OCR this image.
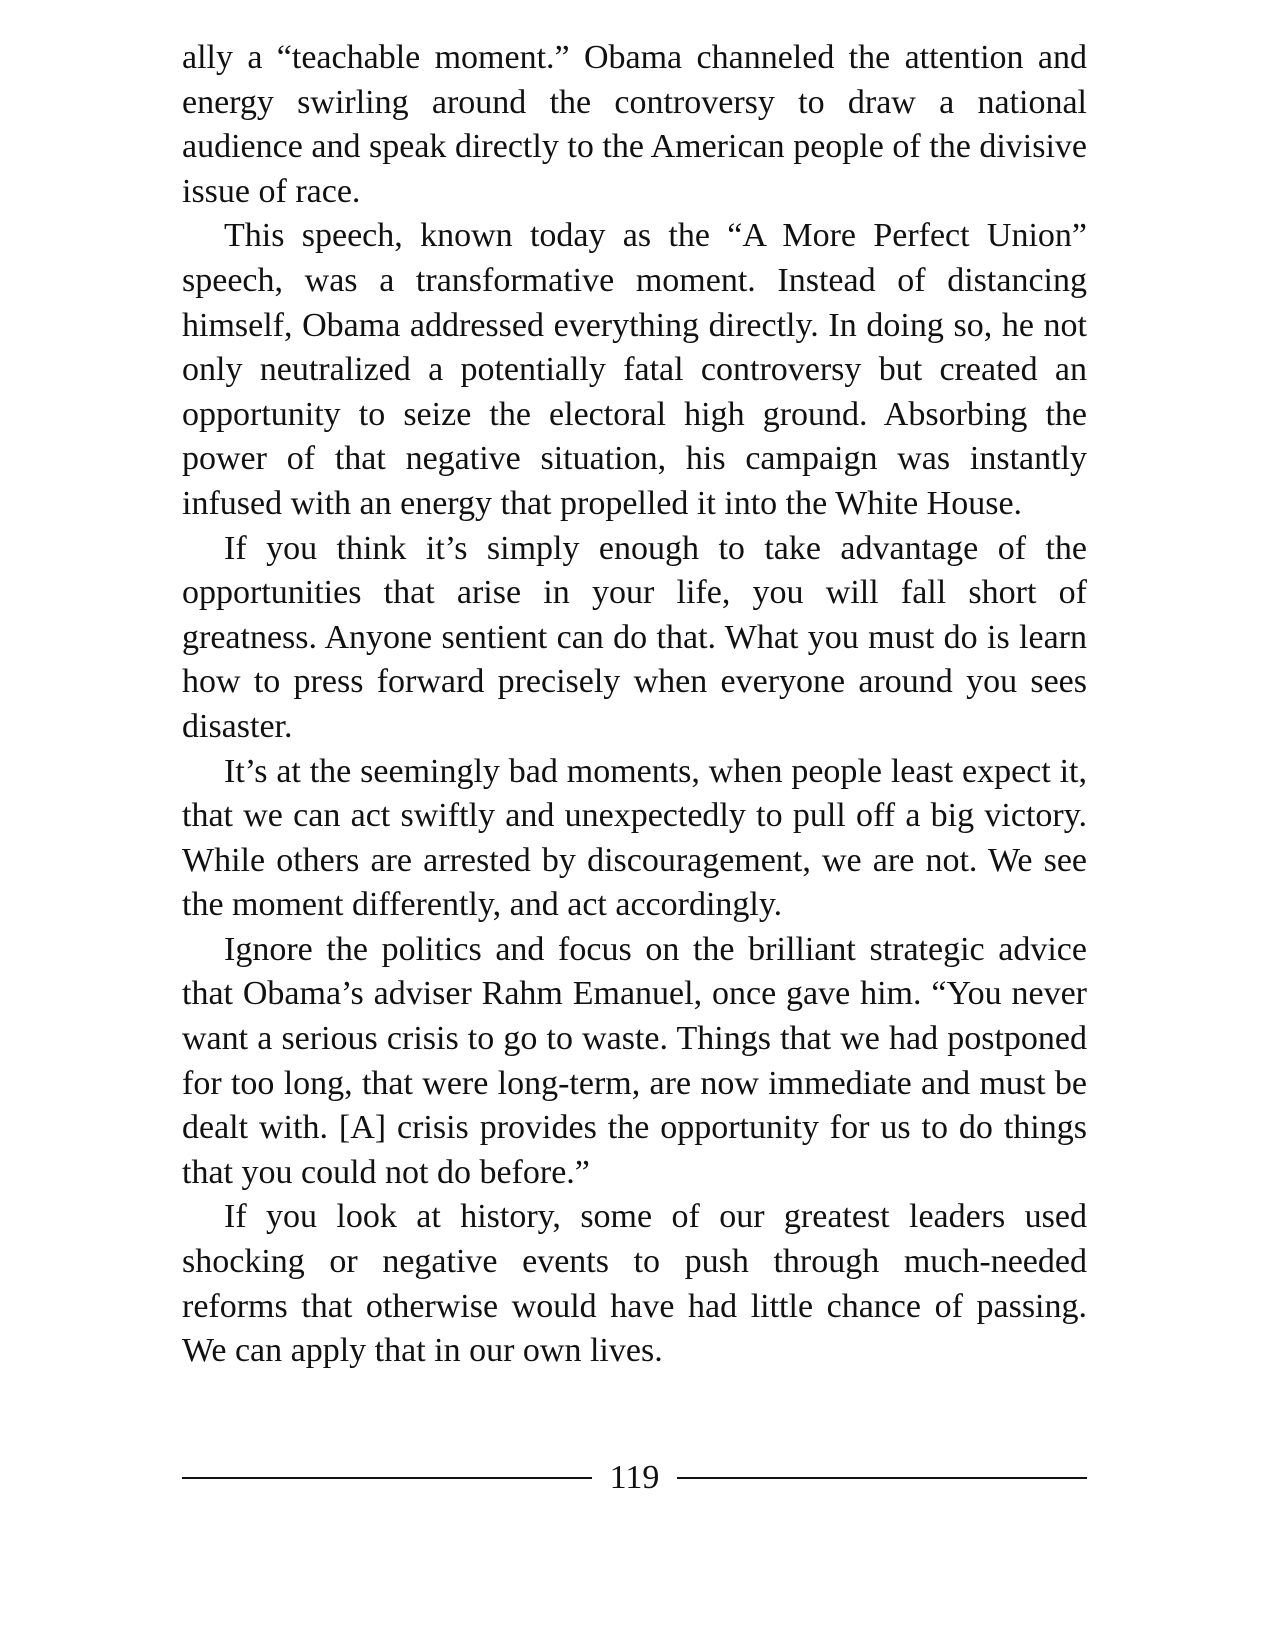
ally a “teachable moment.” Obama channeled the attention and energy swirling around the controversy to draw a national audience and speak directly to the American people of the divisive issue of race.

This speech, known today as the “A More Perfect Union” speech, was a transformative moment. Instead of distancing himself, Obama addressed everything directly. In doing so, he not only neutralized a potentially fatal controversy but created an opportunity to seize the electoral high ground. Absorbing the power of that negative situation, his campaign was instantly infused with an energy that propelled it into the White House.

If you think it’s simply enough to take advantage of the opportunities that arise in your life, you will fall short of greatness. Anyone sentient can do that. What you must do is learn how to press forward precisely when everyone around you sees disaster.

It’s at the seemingly bad moments, when people least expect it, that we can act swiftly and unexpectedly to pull off a big victory. While others are arrested by discouragement, we are not. We see the moment differently, and act accordingly.

Ignore the politics and focus on the brilliant strategic advice that Obama’s adviser Rahm Emanuel, once gave him. “You never want a serious crisis to go to waste. Things that we had postponed for too long, that were long-term, are now immediate and must be dealt with. [A] crisis provides the opportunity for us to do things that you could not do before.”

If you look at history, some of our greatest leaders used shocking or negative events to push through much-needed reforms that otherwise would have had little chance of passing. We can apply that in our own lives.

119
